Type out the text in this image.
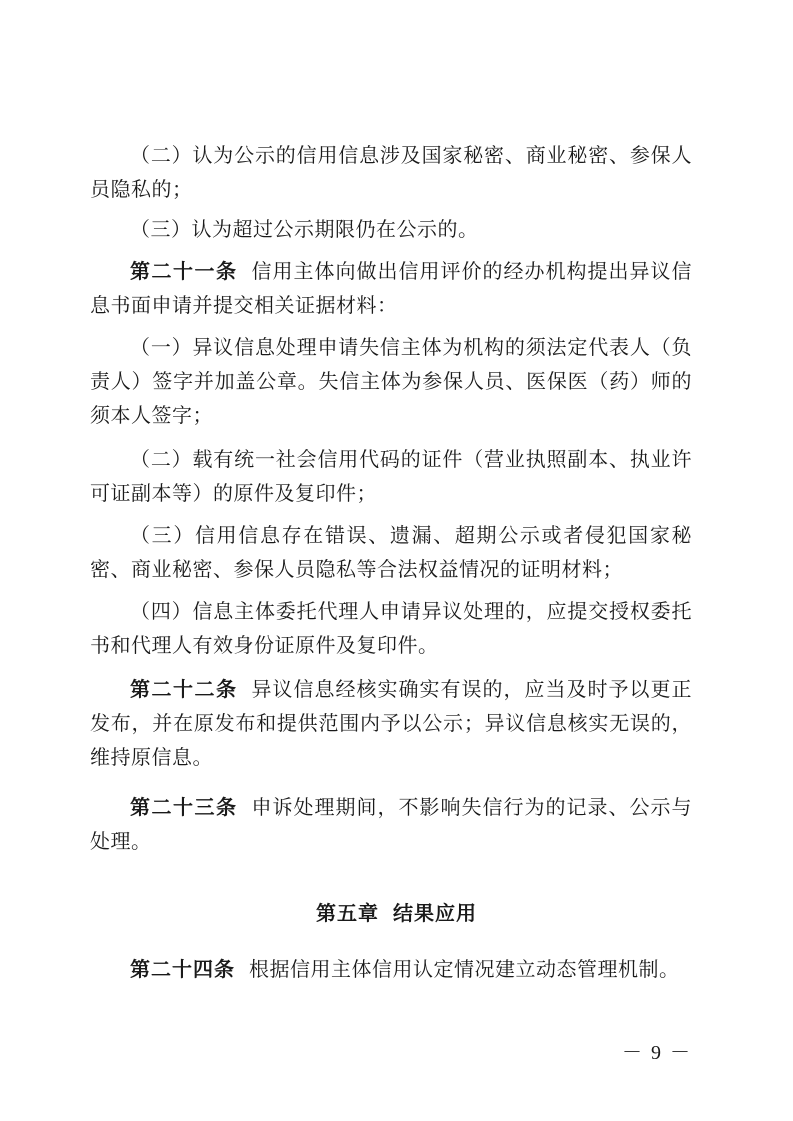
（二）认为公示的信用信息涉及国家秘密、商业秘密、参保人员隐私的；

（三）认为超过公示期限仍在公示的。

第二十一条 信用主体向做出信用评价的经办机构提出异议信息书面申请并提交相关证据材料：

（一）异议信息处理申请失信主体为机构的须法定代表人（负责人）签字并加盖公章。失信主体为参保人员、医保医（药）师的须本人签字；

（二）载有统一社会信用代码的证件（营业执照副本、执业许可证副本等）的原件及复印件；

（三）信用信息存在错误、遗漏、超期公示或者侵犯国家秘密、商业秘密、参保人员隐私等合法权益情况的证明材料；

（四）信息主体委托代理人申请异议处理的，应提交授权委托书和代理人有效身份证原件及复印件。

第二十二条 异议信息经核实确实有误的，应当及时予以更正发布，并在原发布和提供范围内予以公示；异议信息核实无误的，维持原信息。

第二十三条 申诉处理期间，不影响失信行为的记录、公示与处理。

第五章 结果应用

第二十四条 根据信用主体信用认定情况建立动态管理机制。

－ 9 －
